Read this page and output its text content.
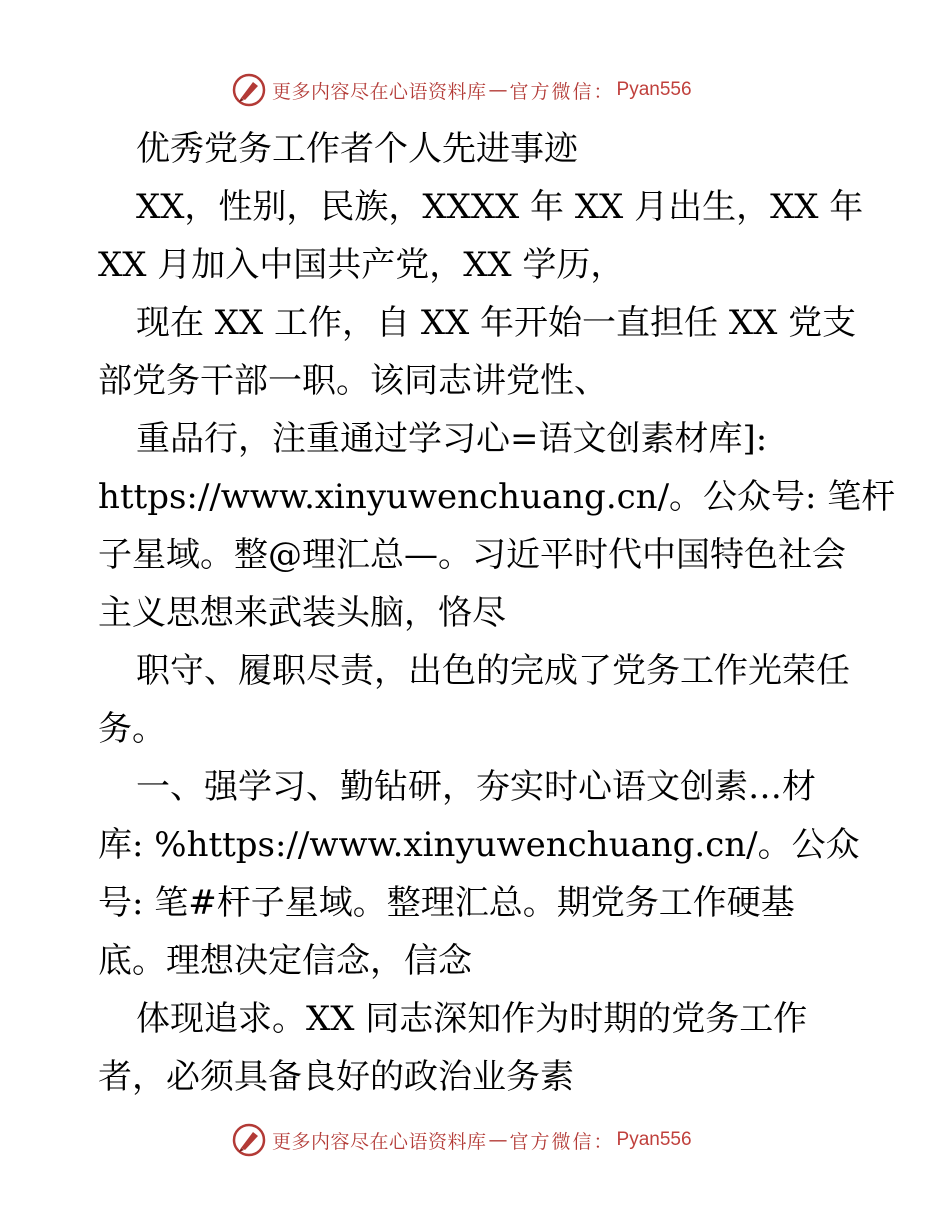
更多内容尽在心语资料库 — 官方微信 ： Pyan556
优秀党务工作者个人先进事迹
XX，性别，民族，XXXX 年 XX 月出生，XX 年
XX 月加入中国共产党，XX 学历，
现在 XX 工作，自 XX 年开始一直担任 XX 党支
部党务干部一职。该同志讲党性、
重品行，注重通过学习心=语文创素材库]:
https://www.xinyuwenchuang.cn/。公众号: 笔杆
子星域。整@理汇总—。习近平时代中国特色社会
主义思想来武装头脑，恪尽
职守、履职尽责，出色的完成了党务工作光荣任
务。
一、强学习、勤钻研，夯实时心语文创素…材
库: %https://www.xinyuwenchuang.cn/。公众
号: 笔#杆子星域。整理汇总。期党务工作硬基
底。理想决定信念，信念
体现追求。XX 同志深知作为时期的党务工作
者，必须具备良好的政治业务素
更多内容尽在心语资料库 — 官方微信 ： Pyan556
